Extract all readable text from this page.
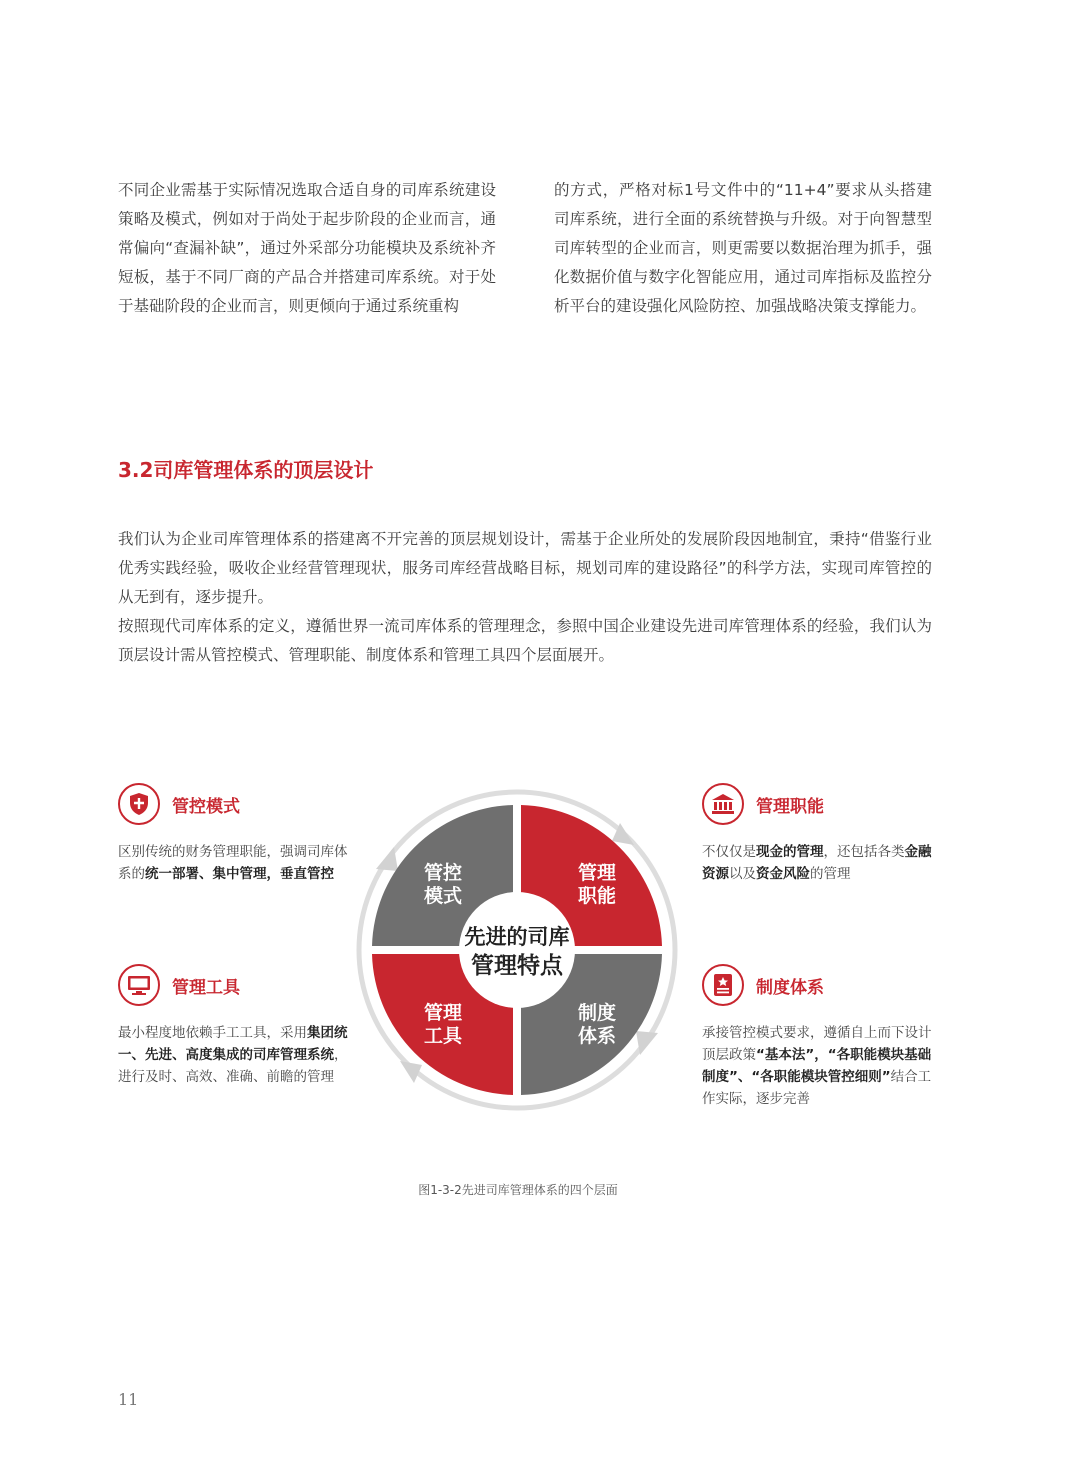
不同企业需基于实际情况选取合适自身的司库系统建设策略及模式，例如对于尚处于起步阶段的企业而言，通常偏向“查漏补缺”，通过外采部分功能模块及系统补齐短板，基于不同厂商的产品合并搭建司库系统。对于处于基础阶段的企业而言，则更倾向于通过系统重构

的方式，严格对标1号文件中的“11+4”要求从头搭建司库系统，进行全面的系统替换与升级。对于向智慧型司库转型的企业而言，则更需要以数据治理为抓手，强化数据价值与数字化智能应用，通过司库指标及监控分析平台的建设强化风险防控、加强战略决策支撑能力。

3.2司库管理体系的顶层设计

我们认为企业司库管理体系的搭建离不开完善的顶层规划设计，需基于企业所处的发展阶段因地制宜，秉持“借鉴行业优秀实践经验，吸收企业经营管理现状，服务司库经营战略目标，规划司库的建设路径”的科学方法，实现司库管控的从无到有，逐步提升。

按照现代司库体系的定义，遵循世界一流司库体系的管理理念，参照中国企业建设先进司库管理体系的经验，我们认为顶层设计需从管控模式、管理职能、制度体系和管理工具四个层面展开。

管控模式
区别传统的财务管理职能，强调司库体系的统一部署、集中管理，垂直管控
管理职能
不仅仅是现金的管理，还包括各类金融资源以及资金风险的管理
管理工具
最小程度地依赖手工工具，采用集团统一、先进、高度集成的司库管理系统，进行及时、高效、准确、前瞻的管理
制度体系
承接管控模式要求，遵循自上而下设计顶层政策“基本法”，“各职能模块基础制度”、“各职能模块管控细则”结合工作实际，逐步完善
先进的司库
管理特点
管控
模式
管理
职能
管理
工具
制度
体系
图1-3-2先进司库管理体系的四个层面
11
